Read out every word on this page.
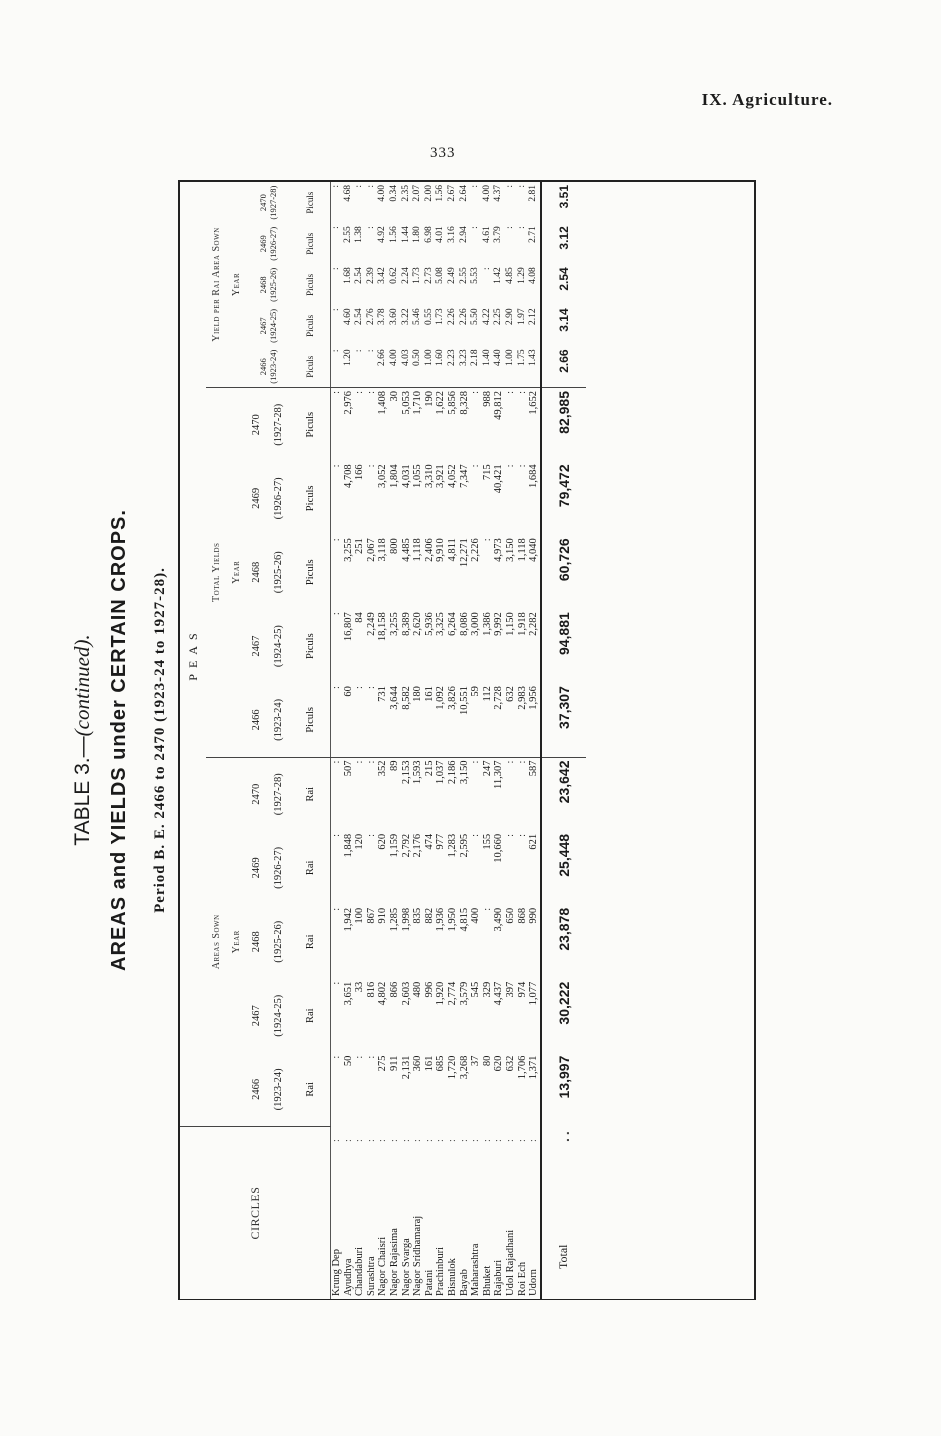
IX. Agriculture.
333
TABLE 3.—(continued). AREAS and YIELDS under CERTAIN CROPS. Period B. E. 2466 to 2470 (1923-24 to 1927-28).
CIRCLES		PEAS														
		Areas Sown					Total Yields					Yield per Rai Area Sown				
		Year					Year					Year				
		2466 (1923-24)	2467 (1924-25)	2468 (1925-26)	2469 (1926-27)	2470 (1927-28)	2466 (1923-24)	2467 (1924-25)	2468 (1925-26)	2469 (1926-27)	2470 (1927-28)	2466 (1923-24)	2467 (1924-25)	2468 (1925-26)	2469 (1926-27)	2470 (1927-28)
		Rai	Rai	Rai	Rai	Rai	Piculs	Piculs	Piculs	Piculs	Piculs	Piculs	Piculs	Piculs	Piculs	Piculs
Krung Dep	:	:	:	:	:	:	:	:	:	:	:	:	:	:	:	:
Ayudhya	:	50	3,651	1,942	1,848	507	60	16,807	3,255	4,708	2,976	1.20	4.60	1.68	2.55	4.68
Chandaburi	:	:	33	100	120	:	:	84	251	166	:	:	2.54	2.54	1.38	:
Surashtra	:	:	816	867	:	:	:	2,249	2,067	:	:	:	2.76	2.39	:	:
Nagor Chaisri	:	275	4,802	910	620	352	731	18,158	3,118	3,052	1,408	2.66	3.78	3.42	4.92	4.00
Nagor Rajasima	:	911	866	1,285	1,159	89	3,644	3,255	800	1,804	30	4.00	3.60	0.62	1.56	0.34
Nagor Svarga	:	2,131	2,603	1,998	2,792	2,153	8,582	8,389	4,485	4,031	5,053	4.03	3.22	2.24	1.44	2.35
Nagor Sridhamaraj	:	360	480	835	2,176	1,593	180	2,620	1,118	1,055	1,710	0.50	5.46	1.73	1.80	2.07
Patani	:	161	996	882	474	215	161	5,936	2,406	3,310	190	1.00	0.55	2.73	6.98	2.00
Prachinburi	:	685	1,920	1,936	977	1,037	1,092	3,325	9,910	3,921	1,622	1.60	1.73	5.08	4.01	1.56
Bisnulok	:	1,720	2,774	1,950	1,283	2,186	3,826	6,264	4,811	4,052	5,856	2.23	2.26	2.49	3.16	2.67
Bayab	:	3,268	3,579	4,815	2,595	3,150	10,551	8,086	12,271	7,347	8,328	3.23	2.26	2.55	2.94	2.64
Maharashtra	:	37	545	400	:	:	59	3,000	2,226	:	:	2.18	5.50	5.53	:	:
Bhuket	:	80	329	:	155	247	112	1,386	:	715	988	1.40	4.22	:	4.61	4.00
Rajaburi	:	620	4,437	3,490	10,660	11,307	2,728	9,992	4,973	40,421	49,812	4.40	2.25	1.42	3.79	4.37
Udol Rajadhani	:	632	397	650	:	:	632	1,150	3,150	:	:	1.00	2.90	4.85	:	:
Roi Ech	:	1,706	974	868	:	:	2,983	1,918	1,118	:	:	1.75	1.97	1.29	:	:
Udorn	:	1,371	1,077	990	621	587	1,956	2,282	4,040	1,684	1,652	1.43	2.12	4.08	2.71	2.81
Total	..	13,997	30,222	23,878	25,448	23,642	37,307	94,881	60,726	79,472	82,985	2.66	3.14	2.54	3.12	3.51
